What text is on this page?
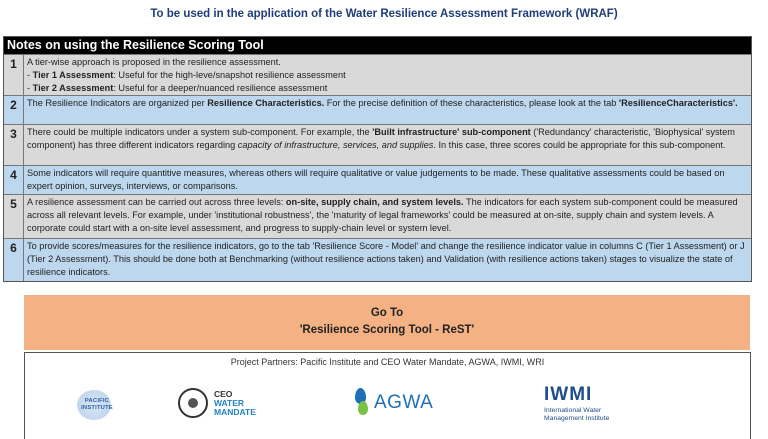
To be used in the application of the Water Resilience Assessment Framework (WRAF)
Notes on using the Resilience Scoring Tool
1	A tier-wise approach is proposed in the resilience assessment.
- Tier 1 Assessment: Useful for the high-leve/snapshot resilience assessment
- Tier 2 Assessment: Useful for a deeper/nuanced resilience assessment
2	The Resilience Indicators are organized per Resilience Characteristics. For the precise definition of these characteristics, please look at the tab 'ResilienceCharacteristics'.
3	There could be multiple indicators under a system sub-component. For example, the 'Built infrastructure' sub-component ('Redundancy' characteristic, 'Biophysical' system component) has three different indicators regarding capacity of infrastructure, services, and supplies. In this case, three scores could be appropriate for this sub-component.
4	Some indicators will require quantitive measures, whereas others will require qualitative or value judgements to be made. These qualitative assessments could be based on expert opinion, surveys, interviews, or comparisons.
5	A resilience assessment can be carried out across three levels: on-site, supply chain, and system levels. The indicators for each system sub-component could be measured across all relevant levels. For example, under 'institutional robustness', the 'maturity of legal frameworks' could be measured at on-site, supply chain and system levels. A corporate could start with a on-site level assessment, and progress to supply-chain level or system level.
6	To provide scores/measures for the resilience indicators, go to the tab 'Resilience Score - Model' and change the resilience indicator value in columns C (Tier 1 Assessment) or J (Tier 2 Assessment). This should be done both at Benchmarking (without resilience actions taken) and Validation (with resilience actions taken) stages to visualize the state of resilience indicators.
Go To
'Resilience Scoring Tool - ReST'
Project Partners: Pacific Institute and CEO Water Mandate, AGWA, IWMI, WRI
PACIFIC
INSTITUTE
CEO
WATER
MANDATE	AGWA	IWMI
International Water
Management Institute
